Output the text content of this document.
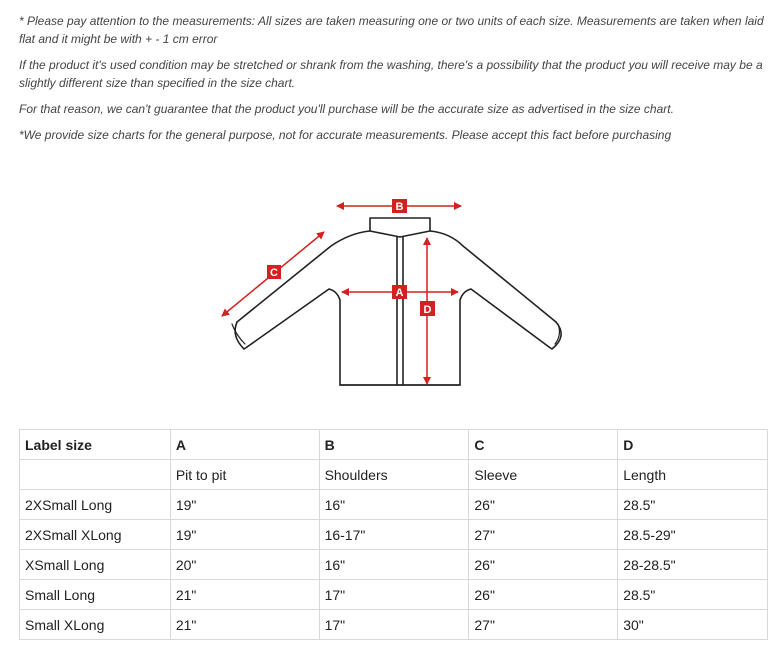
* Please pay attention to the measurements: All sizes are taken measuring one or two units of each size. Measurements are taken when laid flat and it might be with + - 1 cm error

If the product it's used condition may be stretched or shrank from the washing, there's a possibility that the product you will receive may be a slightly different size than specified in the size chart.

For that reason, we can't guarantee that the product you'll purchase will be the accurate size as advertised in the size chart.

*We provide size charts for the general purpose, not for accurate measurements. Please accept this fact before purchasing

B
A
D
C
Label size	A	B	C	D
	Pit to pit	Shoulders	Sleeve	Length
2XSmall Long	19"	16"	26"	28.5"
2XSmall XLong	19"	16-17"	27"	28.5-29"
XSmall Long	20"	16"	26"	28-28.5"
Small Long	21"	17"	26"	28.5"
Small XLong	21"	17"	27"	30"
